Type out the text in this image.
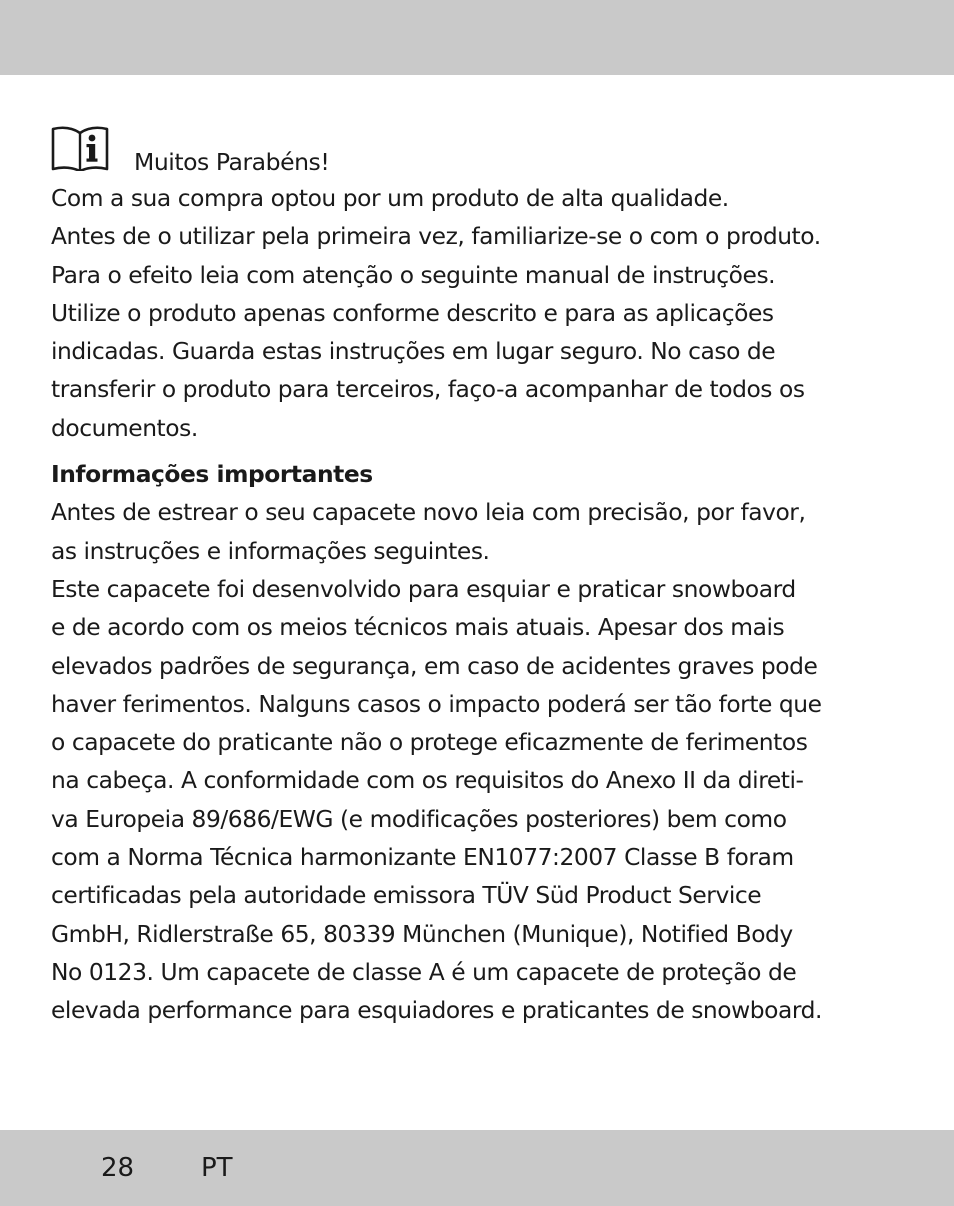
Muitos Parabéns!
Com a sua compra optou por um produto de alta qualidade.
Antes de o utilizar pela primeira vez, familiarize-se o com o produto.
Para o efeito leia com atenção o seguinte manual de instruções.
Utilize o produto apenas conforme descrito e para as aplicações
indicadas. Guarda estas instruções em lugar seguro. No caso de
transferir o produto para terceiros, faço-a acompanhar de todos os
documentos.
Informações importantes
Antes de estrear o seu capacete novo leia com precisão, por favor,
as instruções e informações seguintes.
Este capacete foi desenvolvido para esquiar e praticar snowboard
e de acordo com os meios técnicos mais atuais. Apesar dos mais
elevados padrões de segurança, em caso de acidentes graves pode
haver ferimentos. Nalguns casos o impacto poderá ser tão forte que
o capacete do praticante não o protege eficazmente de ferimentos
na cabeça. A conformidade com os requisitos do Anexo II da direti-
va Europeia 89/686/EWG (e modificações posteriores) bem como
com a Norma Técnica harmonizante EN1077:2007 Classe B foram
certificadas pela autoridade emissora TÜV Süd Product Service
GmbH, Ridlerstraße 65, 80339 München (Munique), Notified Body
No 0123. Um capacete de classe A é um capacete de proteção de
elevada performance para esquiadores e praticantes de snowboard.
28	PT
